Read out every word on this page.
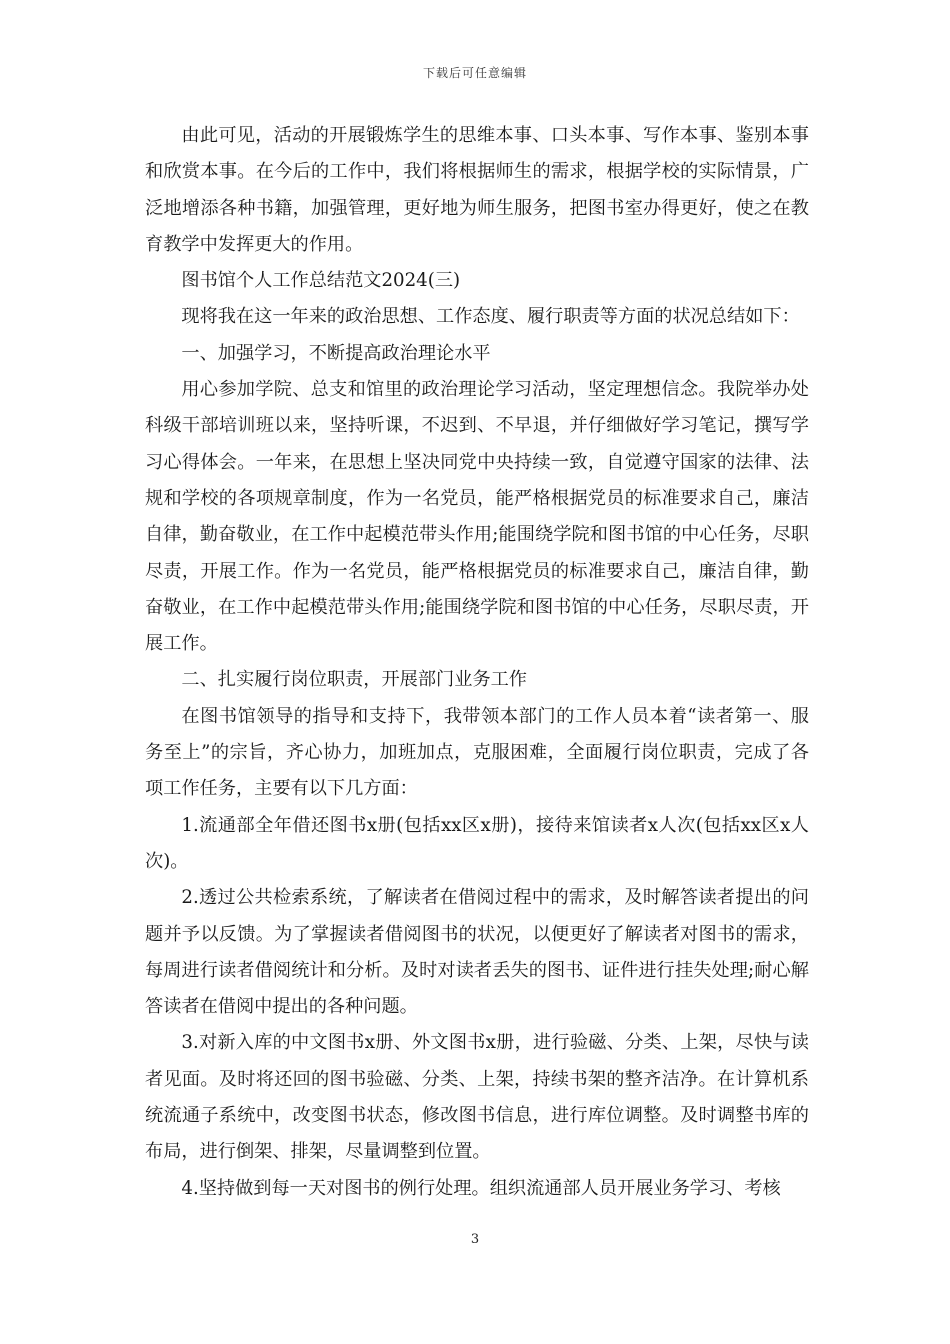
下载后可任意编辑

由此可见，活动的开展锻炼学生的思维本事、口头本事、写作本事、鉴别本事和欣赏本事。在今后的工作中，我们将根据师生的需求，根据学校的实际情景，广泛地增添各种书籍，加强管理，更好地为师生服务，把图书室办得更好，使之在教育教学中发挥更大的作用。

图书馆个人工作总结范文2024(三)

现将我在这一年来的政治思想、工作态度、履行职责等方面的状况总结如下：

一、加强学习，不断提高政治理论水平

用心参加学院、总支和馆里的政治理论学习活动，坚定理想信念。我院举办处科级干部培训班以来，坚持听课，不迟到、不早退，并仔细做好学习笔记，撰写学习心得体会。一年来，在思想上坚决同党中央持续一致，自觉遵守国家的法律、法规和学校的各项规章制度，作为一名党员，能严格根据党员的标准要求自己，廉洁自律，勤奋敬业，在工作中起模范带头作用;能围绕学院和图书馆的中心任务，尽职尽责，开展工作。作为一名党员，能严格根据党员的标准要求自己，廉洁自律，勤奋敬业，在工作中起模范带头作用;能围绕学院和图书馆的中心任务，尽职尽责，开展工作。

二、扎实履行岗位职责，开展部门业务工作

在图书馆领导的指导和支持下，我带领本部门的工作人员本着“读者第一、服务至上”的宗旨，齐心协力，加班加点，克服困难，全面履行岗位职责，完成了各项工作任务，主要有以下几方面：

1.流通部全年借还图书x册(包括xx区x册)，接待来馆读者x人次(包括xx区x人次)。

2.透过公共检索系统，了解读者在借阅过程中的需求，及时解答读者提出的问题并予以反馈。为了掌握读者借阅图书的状况，以便更好了解读者对图书的需求，每周进行读者借阅统计和分析。及时对读者丢失的图书、证件进行挂失处理;耐心解答读者在借阅中提出的各种问题。

3.对新入库的中文图书x册、外文图书x册，进行验磁、分类、上架，尽快与读者见面。及时将还回的图书验磁、分类、上架，持续书架的整齐洁净。在计算机系统流通子系统中，改变图书状态，修改图书信息，进行库位调整。及时调整书库的布局，进行倒架、排架，尽量调整到位置。

4.坚持做到每一天对图书的例行处理。组织流通部人员开展业务学习、考核

3
